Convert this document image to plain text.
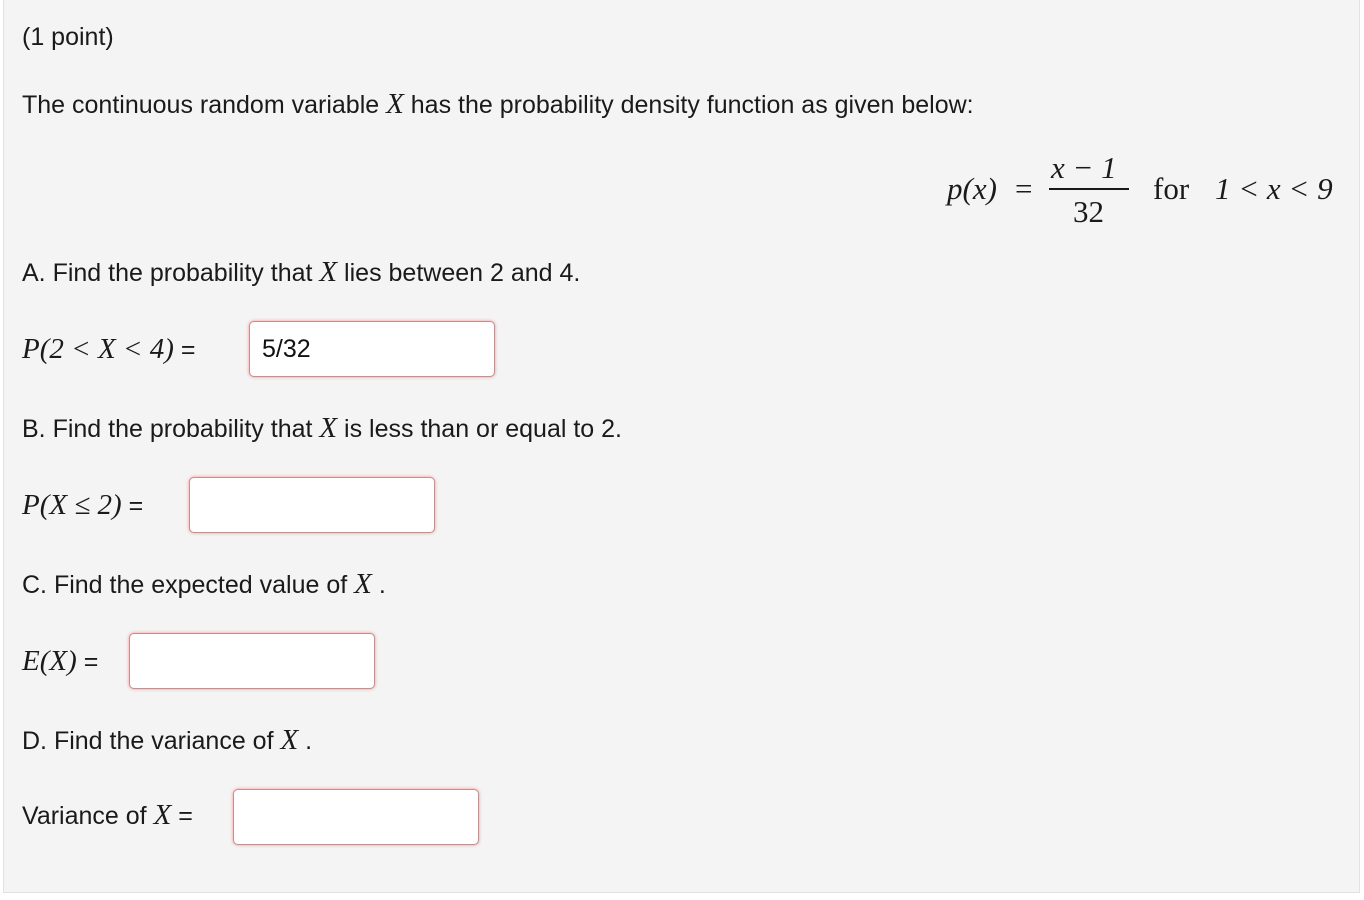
(1 point)
The continuous random variable X has the probability density function as given below:
p(x) =
x − 1
32
for 1 < x < 9
A. Find the probability that X lies between 2 and 4.
P(2 < X < 4) =
5/32
B. Find the probability that X is less than or equal to 2.
P(X ≤ 2) =
C. Find the expected value of X .
E(X) =
D. Find the variance of X .
Variance of X =
